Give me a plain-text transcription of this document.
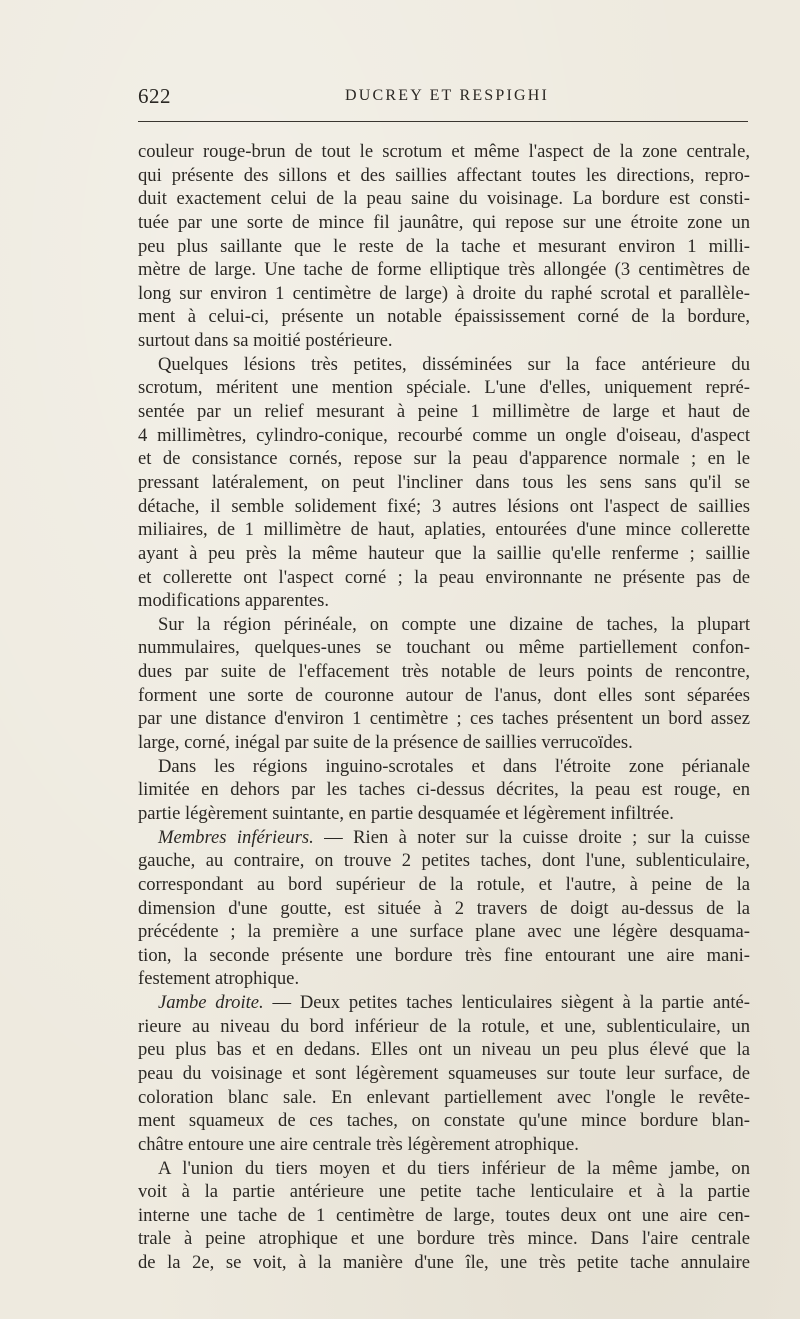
622	DUCREY ET RESPIGHI
couleur rouge-brun de tout le scrotum et même l'aspect de la zone centrale,
qui présente des sillons et des saillies affectant toutes les directions, repro-
duit exactement celui de la peau saine du voisinage. La bordure est consti-
tuée par une sorte de mince fil jaunâtre, qui repose sur une étroite zone un
peu plus saillante que le reste de la tache et mesurant environ 1 milli-
mètre de large. Une tache de forme elliptique très allongée (3 centimètres de
long sur environ 1 centimètre de large) à droite du raphé scrotal et parallèle-
ment à celui-ci, présente un notable épaississement corné de la bordure,
surtout dans sa moitié postérieure.
Quelques lésions très petites, disséminées sur la face antérieure du
scrotum, méritent une mention spéciale. L'une d'elles, uniquement repré-
sentée par un relief mesurant à peine 1 millimètre de large et haut de
4 millimètres, cylindro-conique, recourbé comme un ongle d'oiseau, d'aspect
et de consistance cornés, repose sur la peau d'apparence normale ; en le
pressant latéralement, on peut l'incliner dans tous les sens sans qu'il se
détache, il semble solidement fixé; 3 autres lésions ont l'aspect de saillies
miliaires, de 1 millimètre de haut, aplaties, entourées d'une mince collerette
ayant à peu près la même hauteur que la saillie qu'elle renferme ; saillie
et collerette ont l'aspect corné ; la peau environnante ne présente pas de
modifications apparentes.
Sur la région périnéale, on compte une dizaine de taches, la plupart
nummulaires, quelques-unes se touchant ou même partiellement confon-
dues par suite de l'effacement très notable de leurs points de rencontre,
forment une sorte de couronne autour de l'anus, dont elles sont séparées
par une distance d'environ 1 centimètre ; ces taches présentent un bord assez
large, corné, inégal par suite de la présence de saillies verrucoïdes.
Dans les régions inguino-scrotales et dans l'étroite zone périanale
limitée en dehors par les taches ci-dessus décrites, la peau est rouge, en
partie légèrement suintante, en partie desquamée et légèrement infiltrée.
Membres inférieurs. — Rien à noter sur la cuisse droite ; sur la cuisse
gauche, au contraire, on trouve 2 petites taches, dont l'une, sublenticulaire,
correspondant au bord supérieur de la rotule, et l'autre, à peine de la
dimension d'une goutte, est située à 2 travers de doigt au-dessus de la
précédente ; la première a une surface plane avec une légère desquama-
tion, la seconde présente une bordure très fine entourant une aire mani-
festement atrophique.
Jambe droite. — Deux petites taches lenticulaires siègent à la partie anté-
rieure au niveau du bord inférieur de la rotule, et une, sublenticulaire, un
peu plus bas et en dedans. Elles ont un niveau un peu plus élevé que la
peau du voisinage et sont légèrement squameuses sur toute leur surface, de
coloration blanc sale. En enlevant partiellement avec l'ongle le revête-
ment squameux de ces taches, on constate qu'une mince bordure blan-
châtre entoure une aire centrale très légèrement atrophique.
A l'union du tiers moyen et du tiers inférieur de la même jambe, on
voit à la partie antérieure une petite tache lenticulaire et à la partie
interne une tache de 1 centimètre de large, toutes deux ont une aire cen-
trale à peine atrophique et une bordure très mince. Dans l'aire centrale
de la 2e, se voit, à la manière d'une île, une très petite tache annulaire
